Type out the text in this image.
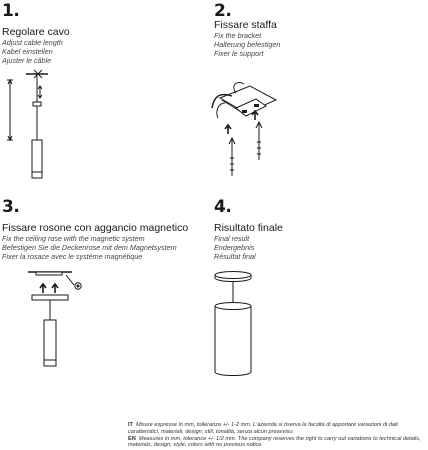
1.
Regolare cavo
Adjust cable length
Kabel einstellen
Ajuster le câble
2.
Fissare staffa
Fix the bracket
Halterung befestigen
Fixer le support
3.
Fissare rosone con aggancio magnetico
Fix the ceiling rose with the magnetic system
Befestigen Sie die Deckenrose mit dem Magnetsystem
Fixer la rosace avec le système magnétique
4.
Risultato finale
Final result
Endergebnis
Résultat final
IT Misure espresse in mm, tolleranza +/- 1-2 mm. L'azienda si riserva la facoltà di apportare variazioni di dati caratteristici, materiali, design, stili, tonalità, senza alcun preavviso.
EN Measures in mm, tolerance +/- 1/2 mm. The company reserves the right to carry out variations to technical details, materials, design, style, colors with no previous notice.
